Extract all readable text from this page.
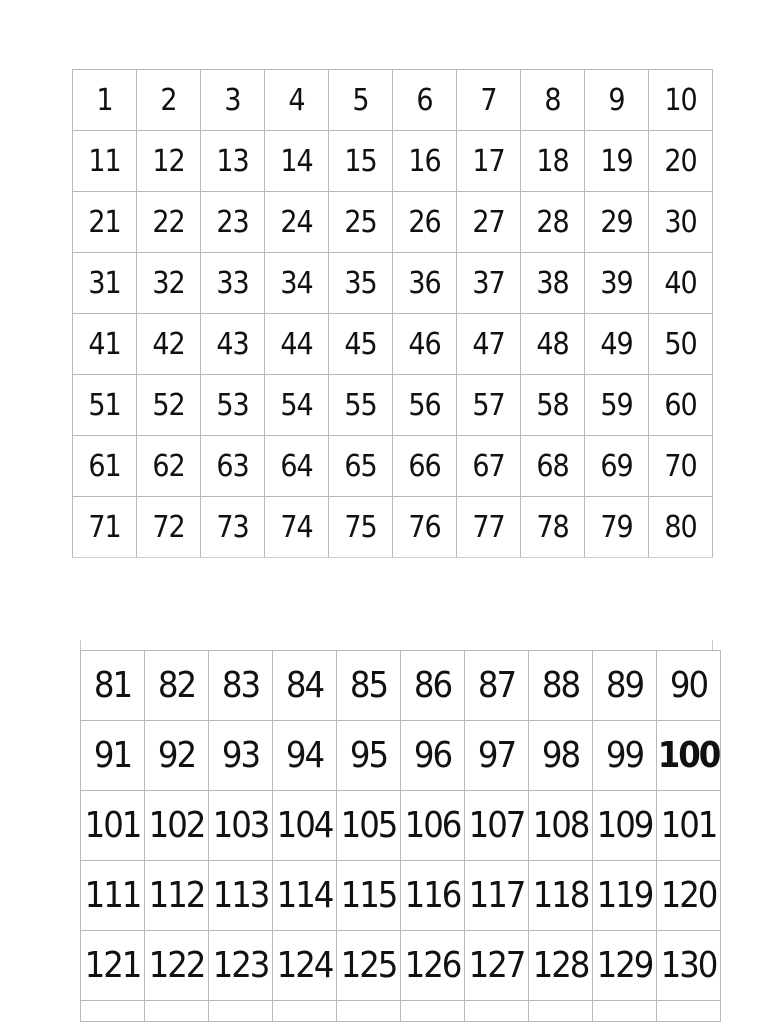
1	2	3	4	5	6	7	8	9	10
11	12	13	14	15	16	17	18	19	20
21	22	23	24	25	26	27	28	29	30
31	32	33	34	35	36	37	38	39	40
41	42	43	44	45	46	47	48	49	50
51	52	53	54	55	56	57	58	59	60
61	62	63	64	65	66	67	68	69	70
71	72	73	74	75	76	77	78	79	80
81	82	83	84	85	86	87	88	89	90
91	92	93	94	95	96	97	98	99	100
101	102	103	104	105	106	107	108	109	101
111	112	113	114	115	116	117	118	119	120
121	122	123	124	125	126	127	128	129	130
